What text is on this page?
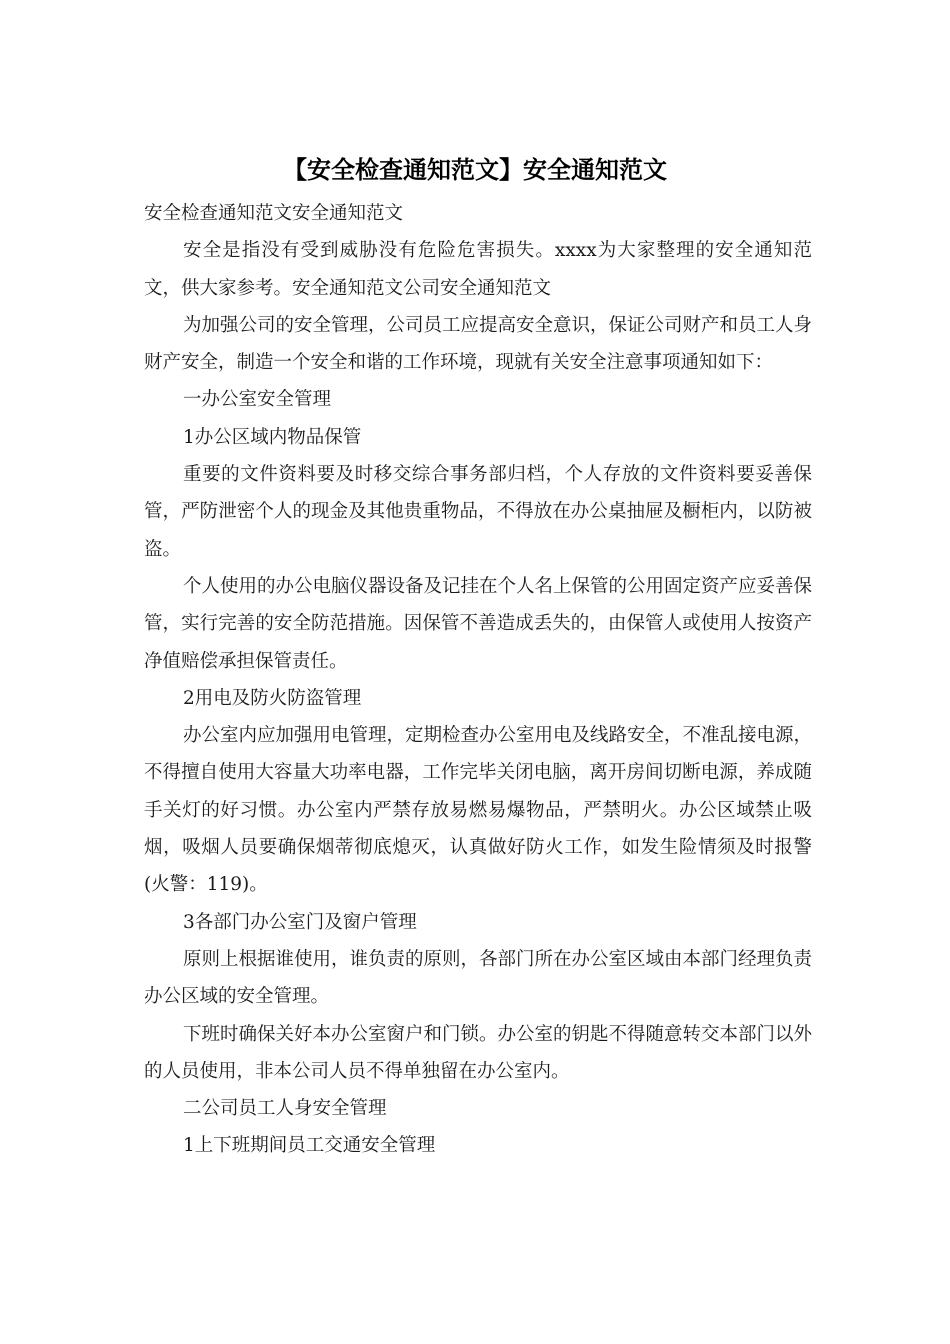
【安全检查通知范文】安全通知范文

安全检查通知范文安全通知范文

安全是指没有受到威胁没有危险危害损失。xxxx为大家整理的安全通知范文，供大家参考。安全通知范文公司安全通知范文

为加强公司的安全管理，公司员工应提高安全意识，保证公司财产和员工人身财产安全，制造一个安全和谐的工作环境，现就有关安全注意事项通知如下：

一办公室安全管理

1办公区域内物品保管

重要的文件资料要及时移交综合事务部归档，个人存放的文件资料要妥善保管，严防泄密个人的现金及其他贵重物品，不得放在办公桌抽屉及橱柜内，以防被盗。

个人使用的办公电脑仪器设备及记挂在个人名上保管的公用固定资产应妥善保管，实行完善的安全防范措施。因保管不善造成丢失的，由保管人或使用人按资产净值赔偿承担保管责任。

2用电及防火防盗管理

办公室内应加强用电管理，定期检查办公室用电及线路安全，不准乱接电源，不得擅自使用大容量大功率电器，工作完毕关闭电脑，离开房间切断电源，养成随手关灯的好习惯。办公室内严禁存放易燃易爆物品，严禁明火。办公区域禁止吸烟，吸烟人员要确保烟蒂彻底熄灭，认真做好防火工作，如发生险情须及时报警(火警：119)。

3各部门办公室门及窗户管理

原则上根据谁使用，谁负责的原则，各部门所在办公室区域由本部门经理负责办公区域的安全管理。

下班时确保关好本办公室窗户和门锁。办公室的钥匙不得随意转交本部门以外的人员使用，非本公司人员不得单独留在办公室内。

二公司员工人身安全管理

1上下班期间员工交通安全管理
